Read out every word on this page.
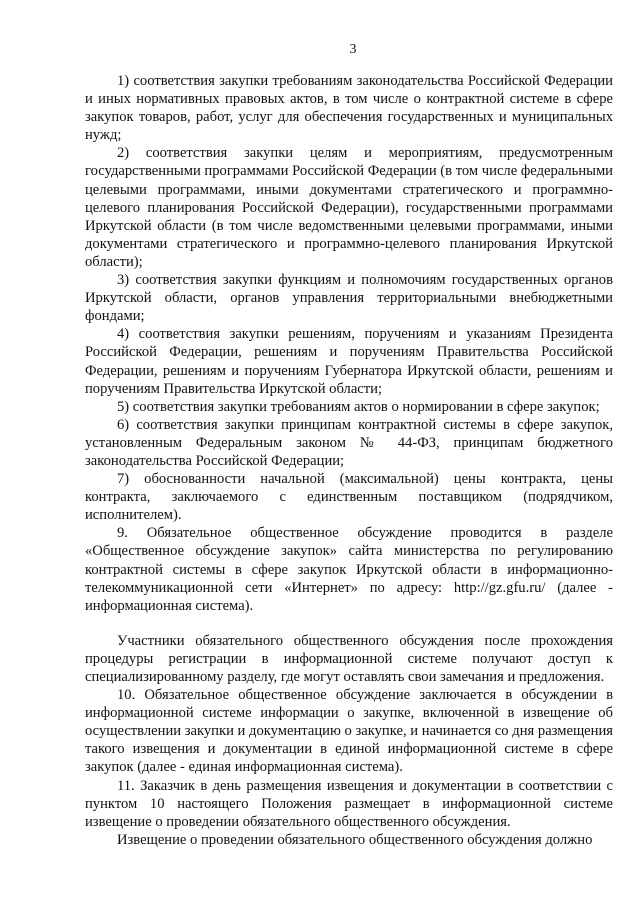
3

1) соответствия закупки требованиям законодательства Российской Федерации и иных нормативных правовых актов, в том числе о контрактной системе в сфере закупок товаров, работ, услуг для обеспечения государственных и муниципальных нужд;

2) соответствия закупки целям и мероприятиям, предусмотренным государственными программами Российской Федерации (в том числе федеральными целевыми программами, иными документами стратегического и программно-целевого планирования Российской Федерации), государственными программами Иркутской области (в том числе ведомственными целевыми программами, иными документами стратегического и программно-целевого планирования Иркутской области);

3) соответствия закупки функциям и полномочиям государственных органов Иркутской области, органов управления территориальными внебюджетными фондами;

4) соответствия закупки решениям, поручениям и указаниям Президента Российской Федерации, решениям и поручениям Правительства Российской Федерации, решениям и поручениям Губернатора Иркутской области, решениям и поручениям Правительства Иркутской области;

5) соответствия закупки требованиям актов о нормировании в сфере закупок;

6) соответствия закупки принципам контрактной системы в сфере закупок, установленным Федеральным законом № 44-ФЗ, принципам бюджетного законодательства Российской Федерации;

7) обоснованности начальной (максимальной) цены контракта, цены контракта, заключаемого с единственным поставщиком (подрядчиком, исполнителем).

9. Обязательное общественное обсуждение проводится в разделе «Общественное обсуждение закупок» сайта министерства по регулированию контрактной системы в сфере закупок Иркутской области в информационно-телекоммуникационной сети «Интернет» по адресу: http://gz.gfu.ru/ (далее - информационная система).

Участники обязательного общественного обсуждения после прохождения процедуры регистрации в информационной системе получают доступ к специализированному разделу, где могут оставлять свои замечания и предложения.

10. Обязательное общественное обсуждение заключается в обсуждении в информационной системе информации о закупке, включенной в извещение об осуществлении закупки и документацию о закупке, и начинается со дня размещения такого извещения и документации в единой информационной системе в сфере закупок (далее - единая информационная система).

11. Заказчик в день размещения извещения и документации в соответствии с пунктом 10 настоящего Положения размещает в информационной системе извещение о проведении обязательного общественного обсуждения.

Извещение о проведении обязательного общественного обсуждения должно
